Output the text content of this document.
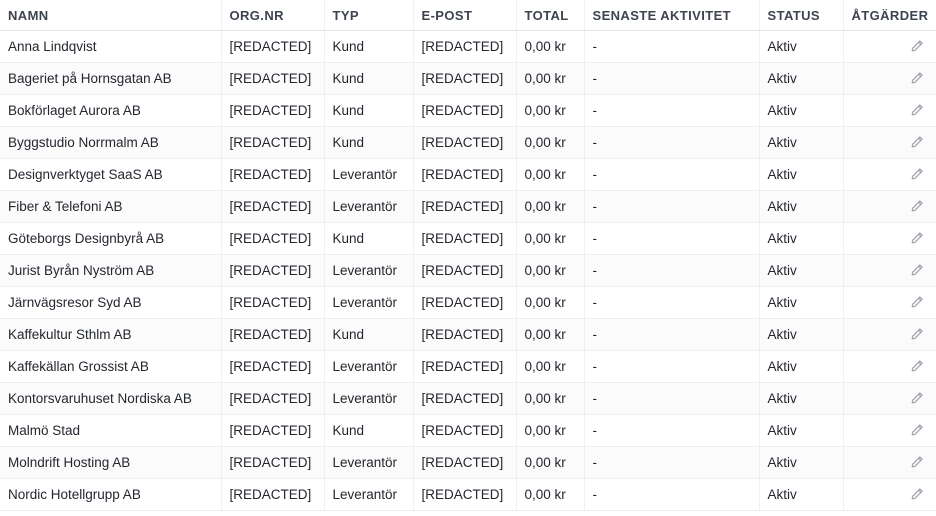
NAMN	ORG.NR	TYP	E-POST	TOTAL	SENASTE AKTIVITET	STATUS	ÅTGÄRDER
Anna Lindqvist	[REDACTED]	Kund	[REDACTED]	0,00 kr	-	Aktiv	

Bageriet på Hornsgatan AB	[REDACTED]	Kund	[REDACTED]	0,00 kr	-	Aktiv	

Bokförlaget Aurora AB	[REDACTED]	Kund	[REDACTED]	0,00 kr	-	Aktiv	

Byggstudio Norrmalm AB	[REDACTED]	Kund	[REDACTED]	0,00 kr	-	Aktiv	

Designverktyget SaaS AB	[REDACTED]	Leverantör	[REDACTED]	0,00 kr	-	Aktiv	

Fiber & Telefoni AB	[REDACTED]	Leverantör	[REDACTED]	0,00 kr	-	Aktiv	

Göteborgs Designbyrå AB	[REDACTED]	Kund	[REDACTED]	0,00 kr	-	Aktiv	

Jurist Byrån Nyström AB	[REDACTED]	Leverantör	[REDACTED]	0,00 kr	-	Aktiv	

Järnvägsresor Syd AB	[REDACTED]	Leverantör	[REDACTED]	0,00 kr	-	Aktiv	

Kaffekultur Sthlm AB	[REDACTED]	Kund	[REDACTED]	0,00 kr	-	Aktiv	

Kaffekällan Grossist AB	[REDACTED]	Leverantör	[REDACTED]	0,00 kr	-	Aktiv	

Kontorsvaruhuset Nordiska AB	[REDACTED]	Leverantör	[REDACTED]	0,00 kr	-	Aktiv	

Malmö Stad	[REDACTED]	Kund	[REDACTED]	0,00 kr	-	Aktiv	

Molndrift Hosting AB	[REDACTED]	Leverantör	[REDACTED]	0,00 kr	-	Aktiv	

Nordic Hotellgrupp AB	[REDACTED]	Leverantör	[REDACTED]	0,00 kr	-	Aktiv	
